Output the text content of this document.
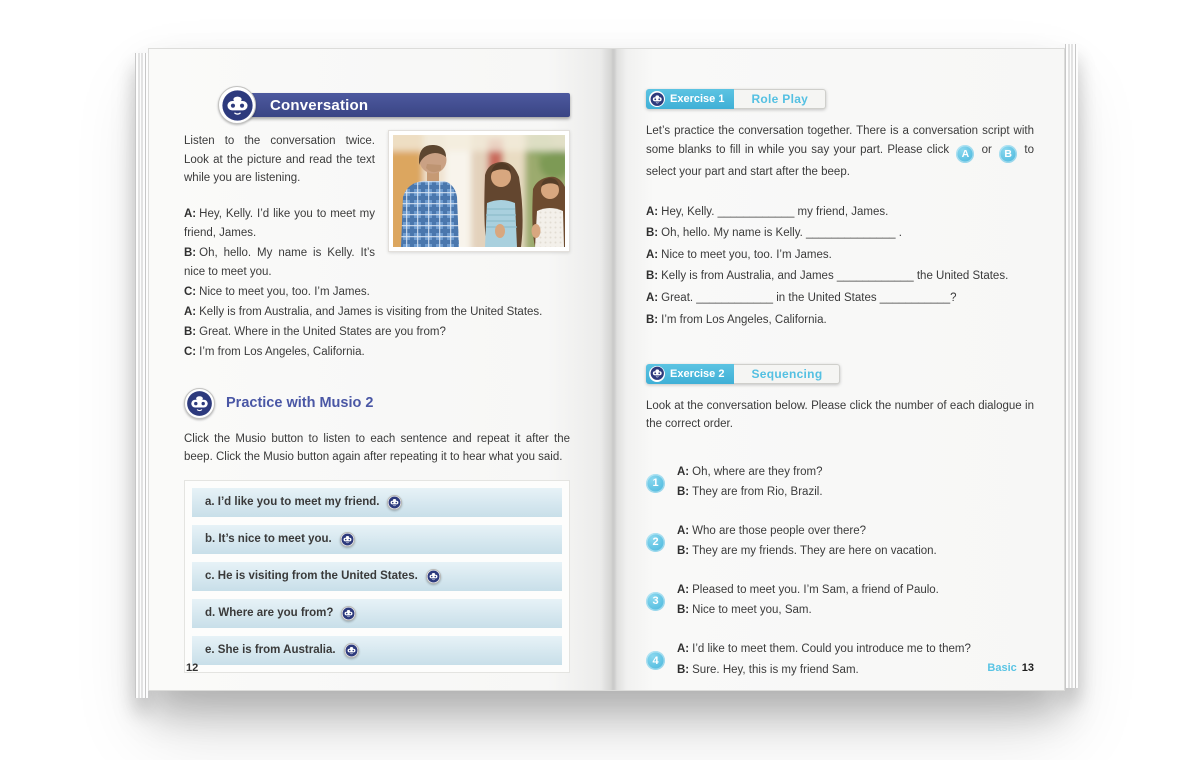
Conversation

Listen to the conversation twice. Look at the picture and read the text while you are listening.

A: Hey, Kelly. I’d like you to meet my friend, James.

B: Oh, hello. My name is Kelly. It’s nice to meet you.

C: Nice to meet you, too. I’m James.

A: Kelly is from Australia, and James is visiting from the United States.

B: Great. Where in the United States are you from?

C: I’m from Los Angeles, California.

Practice with Musio 2

Click the Musio button to listen to each sentence and repeat it after the beep. Click the Musio button again after repeating it to hear what you said.

a. I’d like you to meet my friend.
b. It’s nice to meet you.
c. He is visiting from the United States.
d. Where are you from?
e. She is from Australia.
12
Exercise 1	Role Play

Let’s practice the conversation together. There is a conversation script with some blanks to fill in while you say your part. Please click A or B to select your part and start after the beep.

A: Hey, Kelly. ____________ my friend, James.

B: Oh, hello. My name is Kelly. ______________ .

A: Nice to meet you, too. I’m James.

B: Kelly is from Australia, and James ____________ the United States.

A: Great. ____________ in the United States ___________?

B: I’m from Los Angeles, California.

Exercise 2	Sequencing

Look at the conversation below. Please click the number of each dialogue in the correct order.

1

A: Oh, where are they from?

B: They are from Rio, Brazil.

2

A: Who are those people over there?

B: They are my friends. They are here on vacation.

3

A: Pleased to meet you. I’m Sam, a friend of Paulo.

B: Nice to meet you, Sam.

4

A: I’d like to meet them. Could you introduce me to them?

B: Sure. Hey, this is my friend Sam.	Basic 13
